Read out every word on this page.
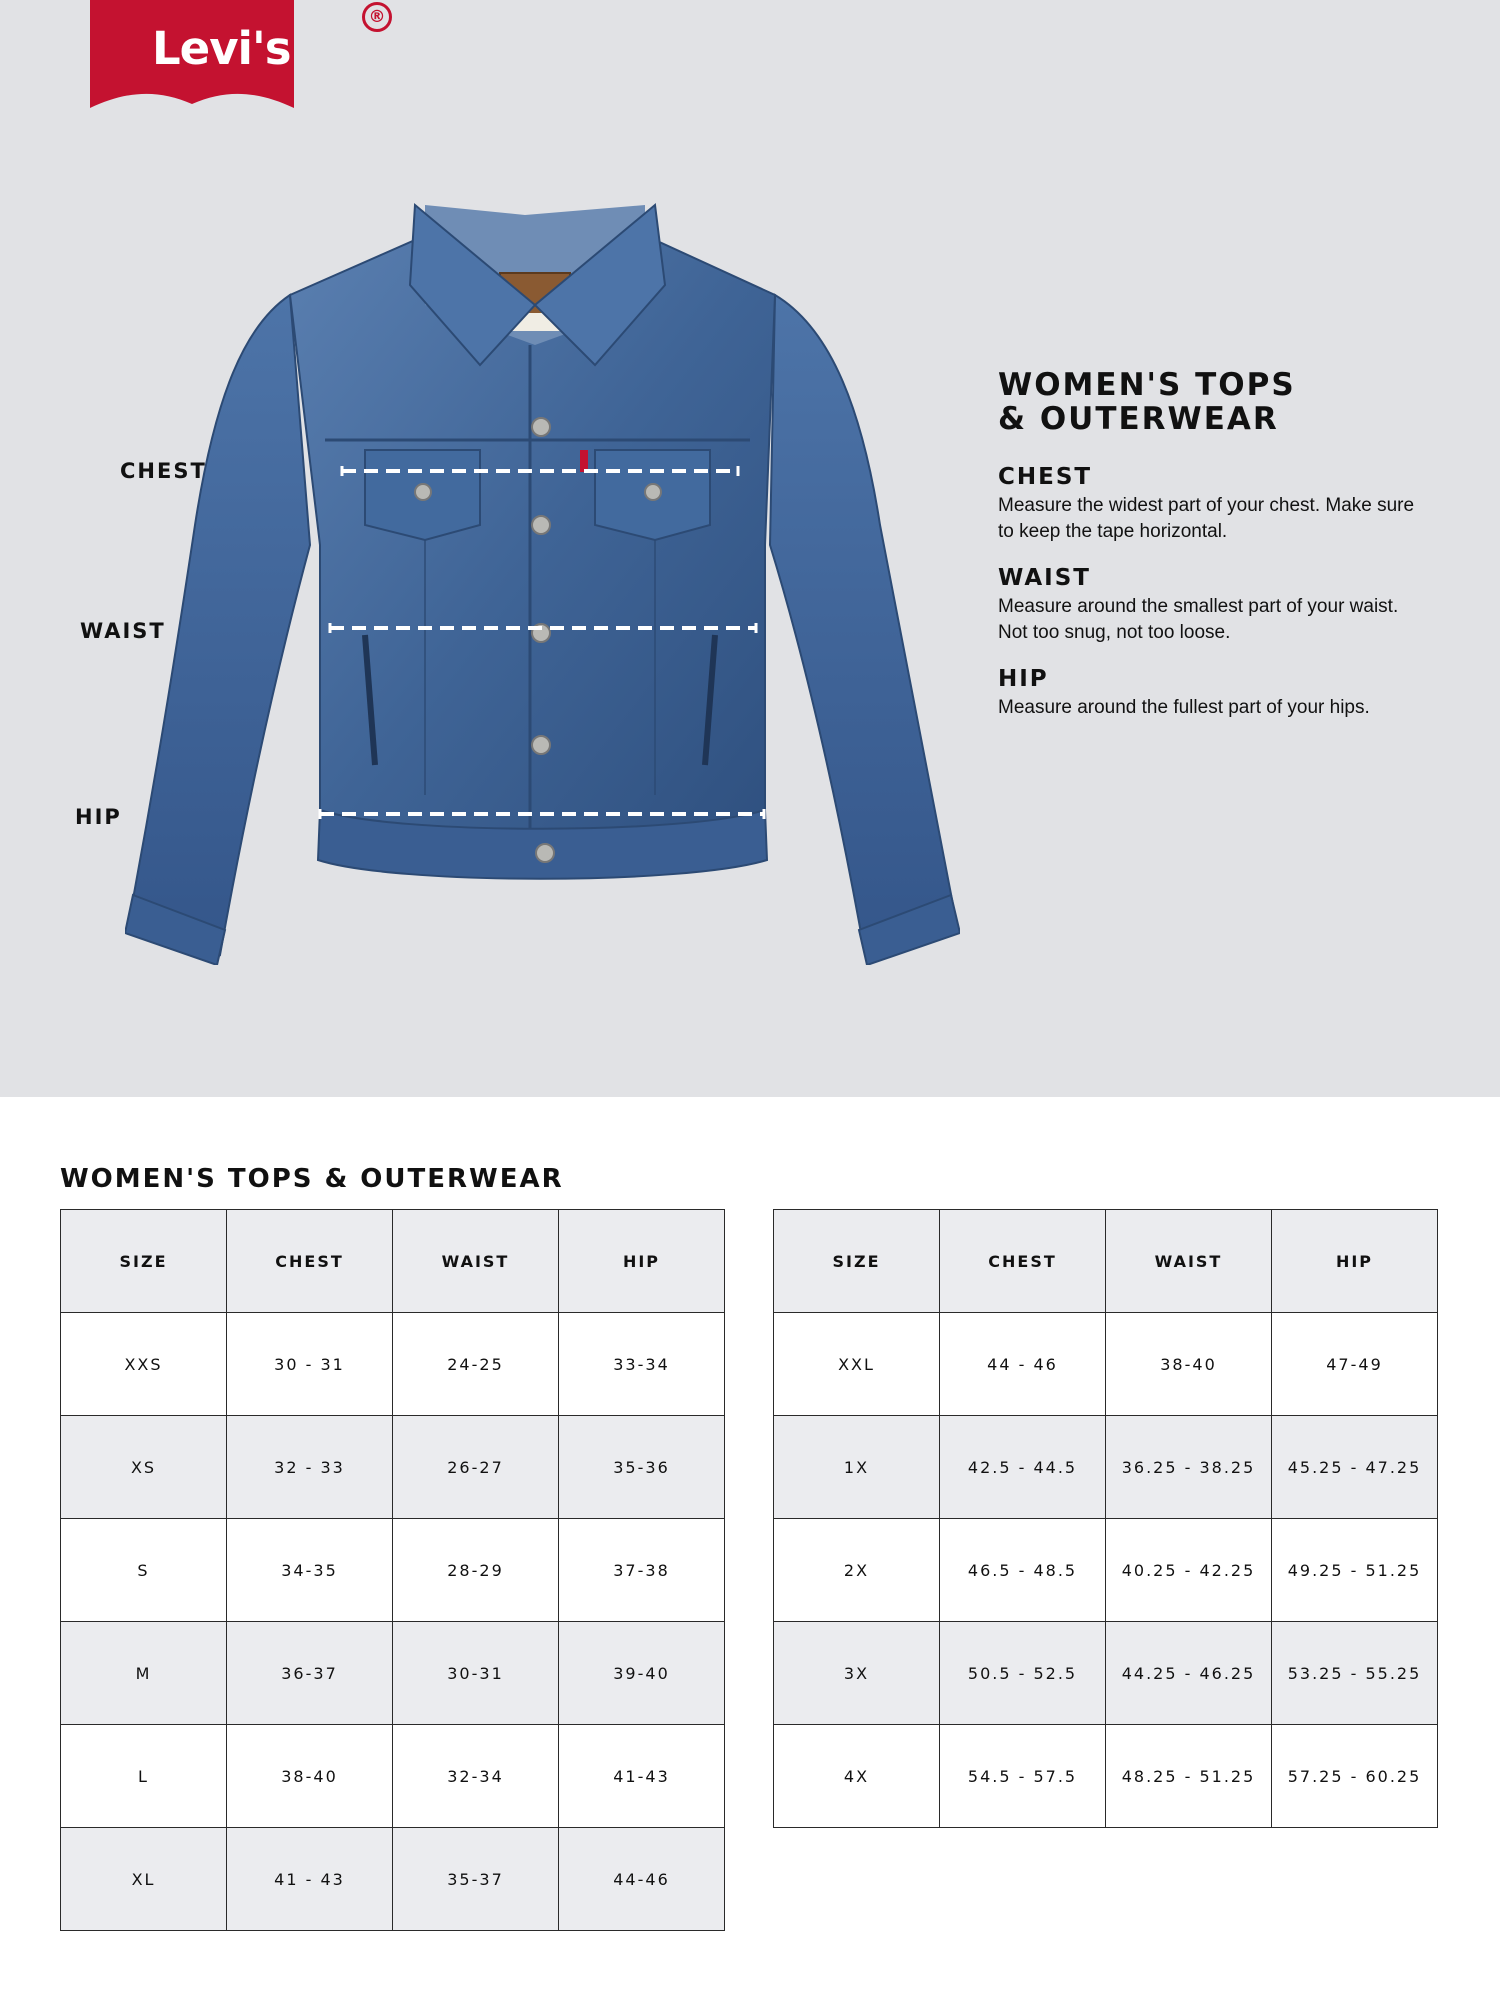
Levi's
®
CHEST
WAIST
HIP
WOMEN'S TOPS
& OUTERWEAR
CHEST
Measure the widest part of your chest. Make sure to keep the tape horizontal.
WAIST
Measure around the smallest part of your waist. Not too snug, not too loose.
HIP
Measure around the fullest part of your hips.
WOMEN'S TOPS & OUTERWEAR
SIZE	CHEST	WAIST	HIP
XXS	30 - 31	24-25	33-34
XS	32 - 33	26-27	35-36
S	34-35	28-29	37-38
M	36-37	30-31	39-40
L	38-40	32-34	41-43
XL	41 - 43	35-37	44-46
SIZE	CHEST	WAIST	HIP
XXL	44 - 46	38-40	47-49
1X	42.5 - 44.5	36.25 - 38.25	45.25 - 47.25
2X	46.5 - 48.5	40.25 - 42.25	49.25 - 51.25
3X	50.5 - 52.5	44.25 - 46.25	53.25 - 55.25
4X	54.5 - 57.5	48.25 - 51.25	57.25 - 60.25
